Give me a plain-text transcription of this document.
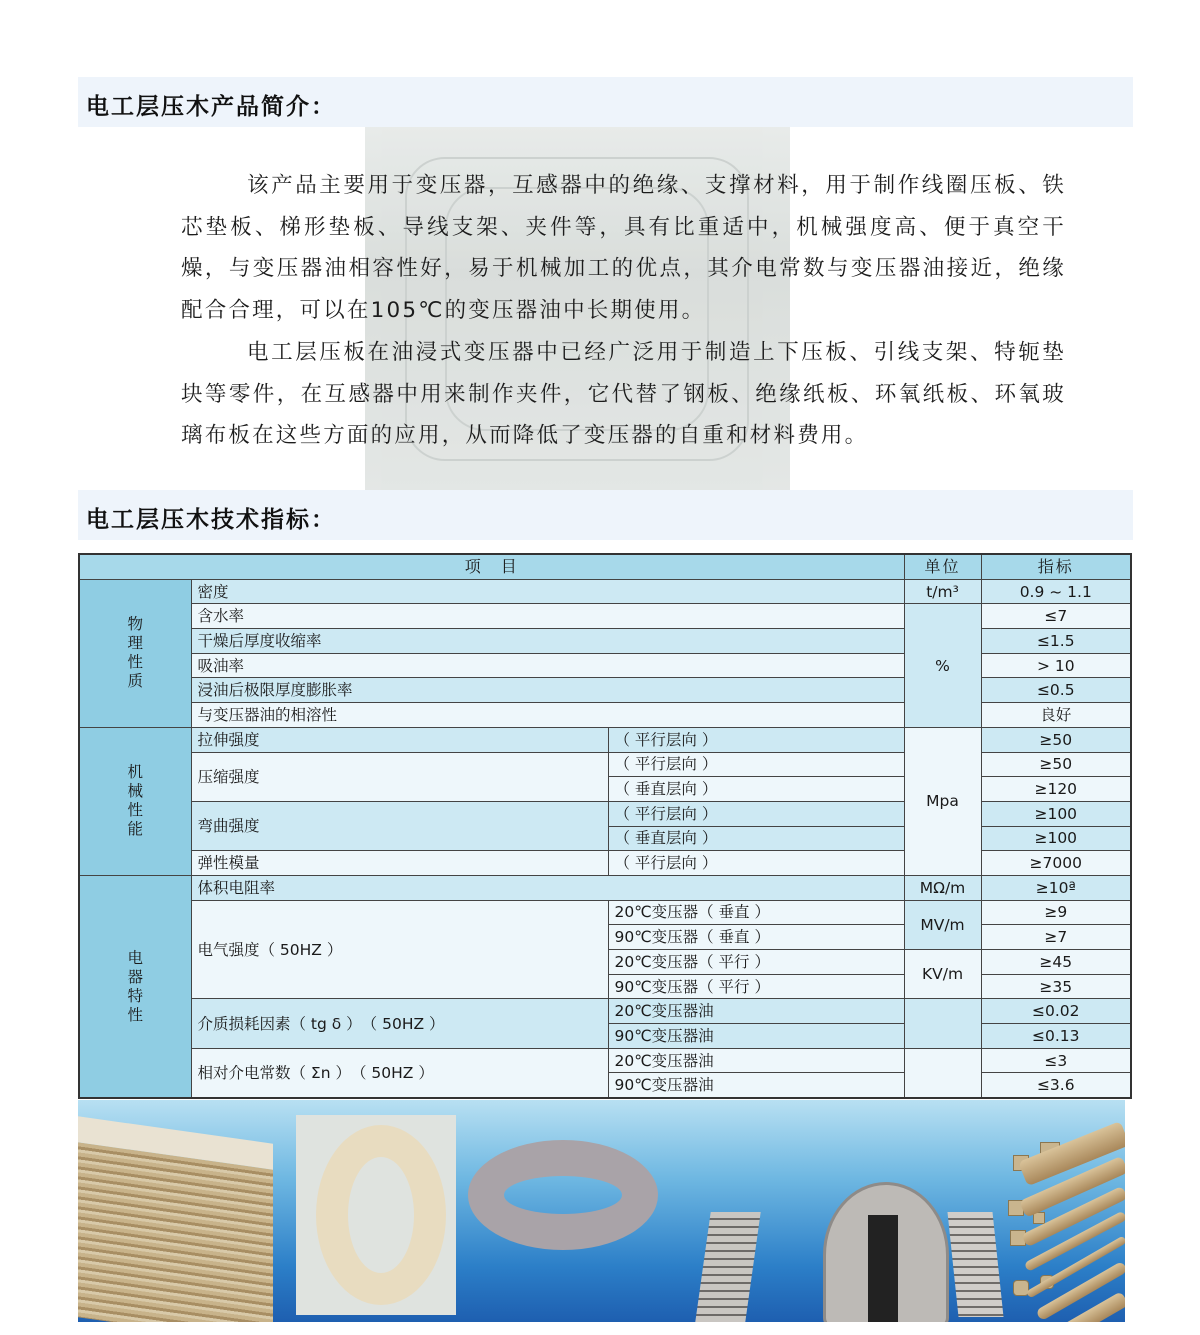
电工层压木产品简介：

该产品主要用于变压器，互感器中的绝缘、支撑材料，用于制作线圈压板、铁芯垫板、梯形垫板、导线支架、夹件等，具有比重适中，机械强度高、便于真空干燥，与变压器油相容性好，易于机械加工的优点，其介电常数与变压器油接近，绝缘配合合理，可以在105℃的变压器油中长期使用。

电工层压板在油浸式变压器中已经广泛用于制造上下压板、引线支架、特轭垫块等零件，在互感器中用来制作夹件，它代替了钢板、绝缘纸板、环氧纸板、环氧玻璃布板在这些方面的应用，从而降低了变压器的自重和材料费用。

电工层压木技术指标：
项　目			单位	指标
物理性质	密度		t/m³	0.9 ~ 1.1
	含水率		%	≤7
	干燥后厚度收缩率			≤1.5
	吸油率			> 10
	浸油后极限厚度膨胀率			≤0.5
	与变压器油的相溶性			良好
机械性能	拉伸强度	（ 平行层向 ）	Mpa	≥50
	压缩强度	（ 平行层向 ）		≥50
		（ 垂直层向 ）		≥120
	弯曲强度	（ 平行层向 ）		≥100
		（ 垂直层向 ）		≥100
	弹性模量	（ 平行层向 ）		≥7000
电器特性	体积电阻率		MΩ/m	≥10ª
	电气强度（ 50HZ ）	20℃变压器（ 垂直 ）	MV/m	≥9
		90℃变压器（ 垂直 ）		≥7
		20℃变压器（ 平行 ）	KV/m	≥45
		90℃变压器（ 平行 ）		≥35
	介质损耗因素（ tg δ ）　（ 50HZ ）	20℃变压器油		≤0.02
		90℃变压器油		≤0.13
	相对介电常数（ Σn ）　（ 50HZ ）	20℃变压器油		≤3
		90℃变压器油		≤3.6
